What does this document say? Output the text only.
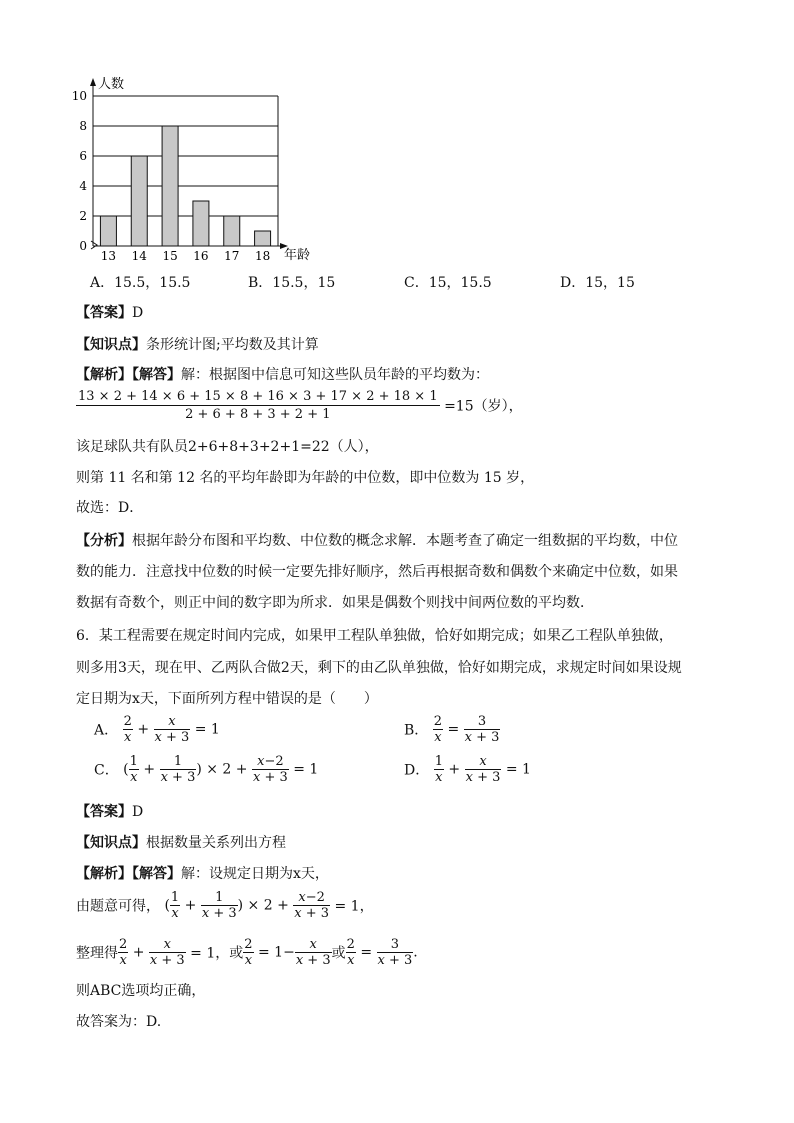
0
2
4
6
8
10
13 14 15 16 17 18
人数
年龄
A．15.5，15.5	B．15.5，15	C．15，15.5	D．15，15
【答案】D
【知识点】条形统计图;平均数及其计算
【解析】【解答】解：根据图中信息可知这些队员年龄的平均数为：
$\frac{13 \times 2 + 14 \times 6 + 15 \times 8 + 16 \times 3 + 17 \times 2 + 18 \times 1}{2 + 6 + 8 + 3 + 2 + 1} =15$（岁），
该足球队共有队员2+6+8+3+2+1=22（人），
则第 11 名和第 12 名的平均年龄即为年龄的中位数，即中位数为 15 岁，
故选：D．
【分析】根据年龄分布图和平均数、中位数的概念求解．本题考查了确定一组数据的平均数，中位
数的能力．注意找中位数的时候一定要先排好顺序，然后再根据奇数和偶数个来确定中位数，如果
数据有奇数个，则正中间的数字即为所求．如果是偶数个则找中间两位数的平均数．
6．某工程需要在规定时间内完成，如果甲工程队单独做，恰好如期完成；如果乙工程队单独做，
则多用3天，现在甲、乙两队合做2天，剩下的由乙队单独做，恰好如期完成，求规定时间如果设规
定日期为x天，下面所列方程中错误的是（　　）
A． $\frac{2}{x} + \frac{x}{x + 3} = 1$	B． $\frac{2}{x} = \frac{3}{x + 3}$
C． ( $\frac{1}{x} + \frac{1}{x + 3}$ ) × $2 + \frac{x-2}{x + 3} = 1$	D． $\frac{1}{x} + \frac{x}{x + 3} = 1$
【答案】D
【知识点】根据数量关系列出方程
【解析】【解答】解：设规定日期为x天，
由题意可得， ( $\frac{1}{x} + \frac{1}{x + 3}$ ) × $2 + \frac{x-2}{x + 3} = 1$，
整理得 $\frac{2}{x} + \frac{x}{x + 3} = 1$，或 $\frac{2}{x} = 1- \frac{x}{x + 3}$ 或 $\frac{2}{x} = \frac{3}{x + 3}$ .
则ABC选项均正确，
故答案为：D.
